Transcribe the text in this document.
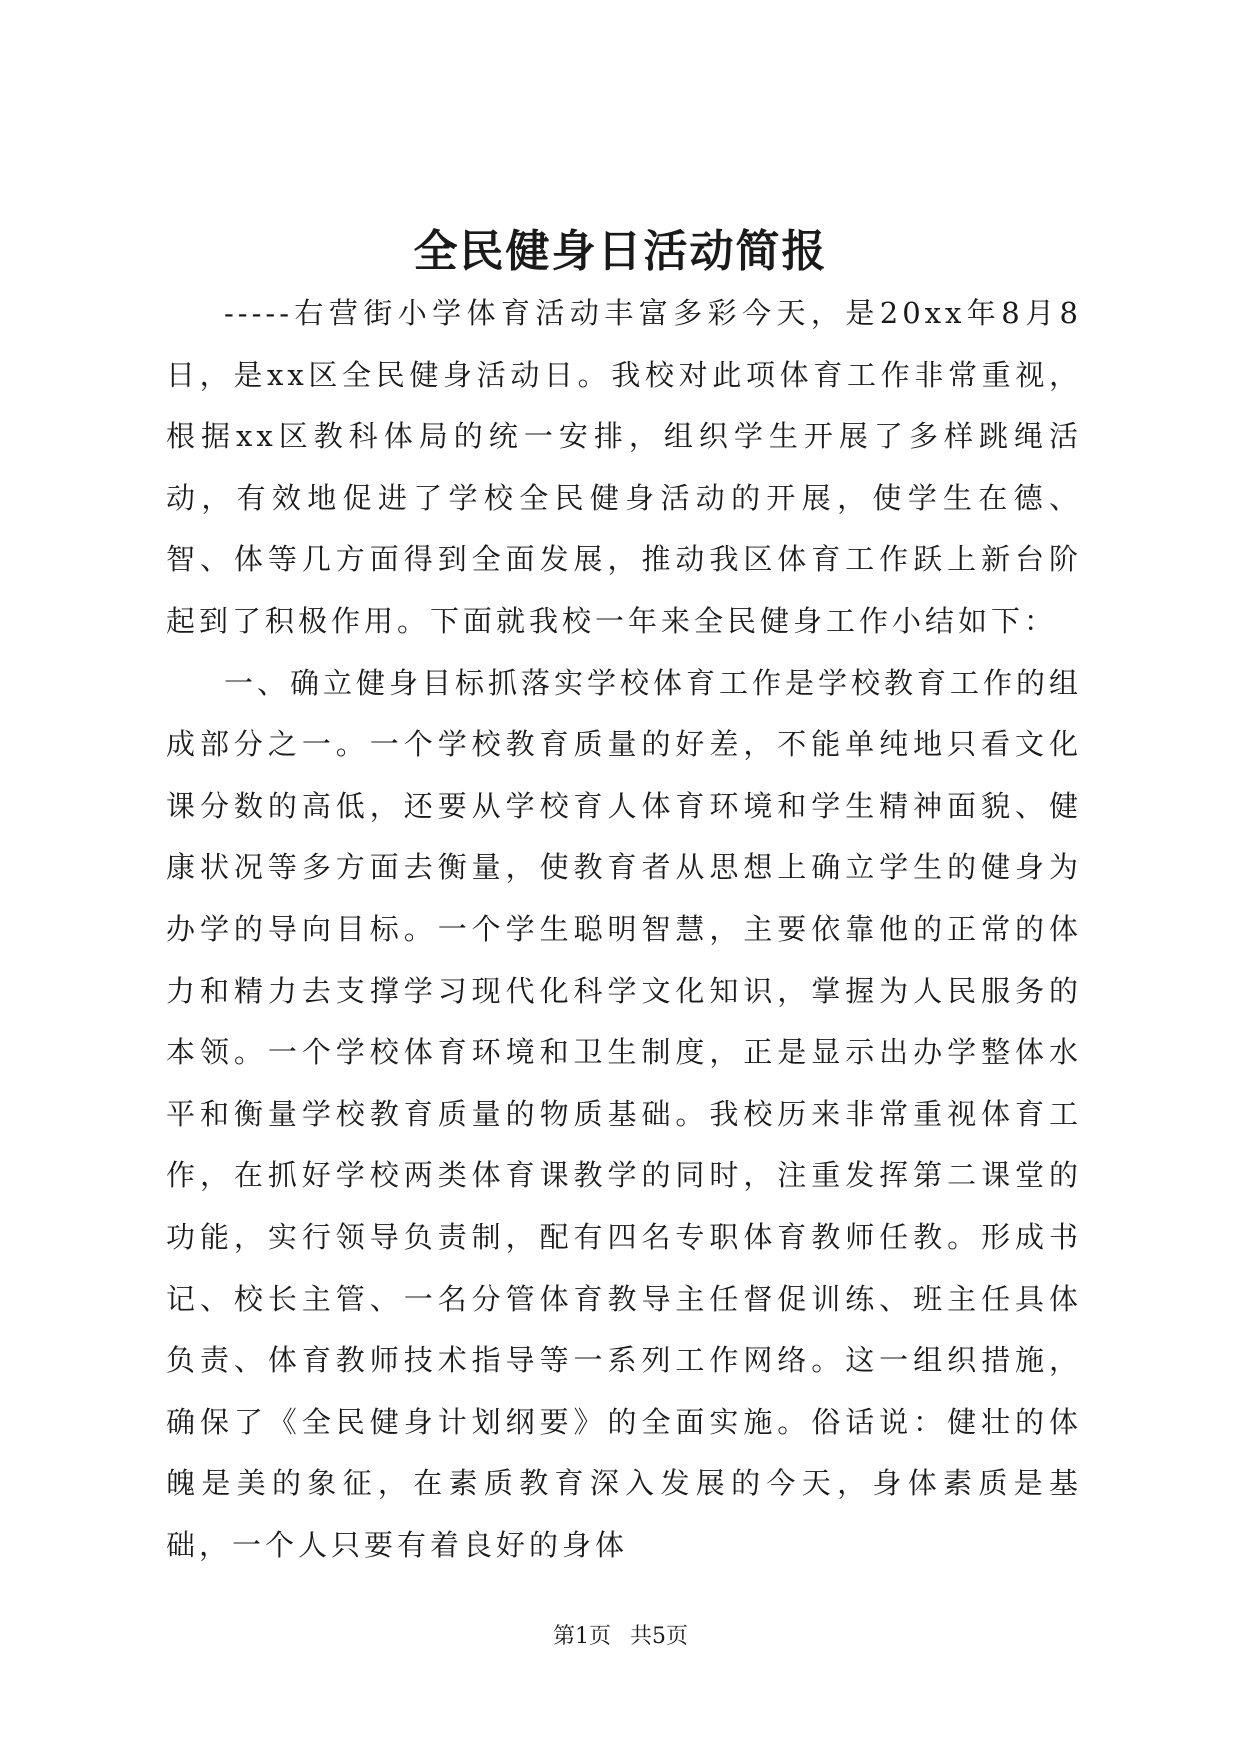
全民健身日活动简报

-----右营街小学体育活动丰富多彩今天，是20xx年8月8日，是xx区全民健身活动日。我校对此项体育工作非常重视，根据xx区教科体局的统一安排，组织学生开展了多样跳绳活动，有效地促进了学校全民健身活动的开展，使学生在德、智、体等几方面得到全面发展，推动我区体育工作跃上新台阶起到了积极作用。下面就我校一年来全民健身工作小结如下：

一、确立健身目标抓落实学校体育工作是学校教育工作的组成部分之一。一个学校教育质量的好差，不能单纯地只看文化课分数的高低，还要从学校育人体育环境和学生精神面貌、健康状况等多方面去衡量，使教育者从思想上确立学生的健身为办学的导向目标。一个学生聪明智慧，主要依靠他的正常的体力和精力去支撑学习现代化科学文化知识，掌握为人民服务的本领。一个学校体育环境和卫生制度，正是显示出办学整体水平和衡量学校教育质量的物质基础。我校历来非常重视体育工作，在抓好学校两类体育课教学的同时，注重发挥第二课堂的功能，实行领导负责制，配有四名专职体育教师任教。形成书记、校长主管、一名分管体育教导主任督促训练、班主任具体负责、体育教师技术指导等一系列工作网络。这一组织措施，确保了《全民健身计划纲要》的全面实施。俗话说：健壮的体魄是美的象征，在素质教育深入发展的今天，身体素质是基础，一个人只要有着良好的身体

第1页 共5页
